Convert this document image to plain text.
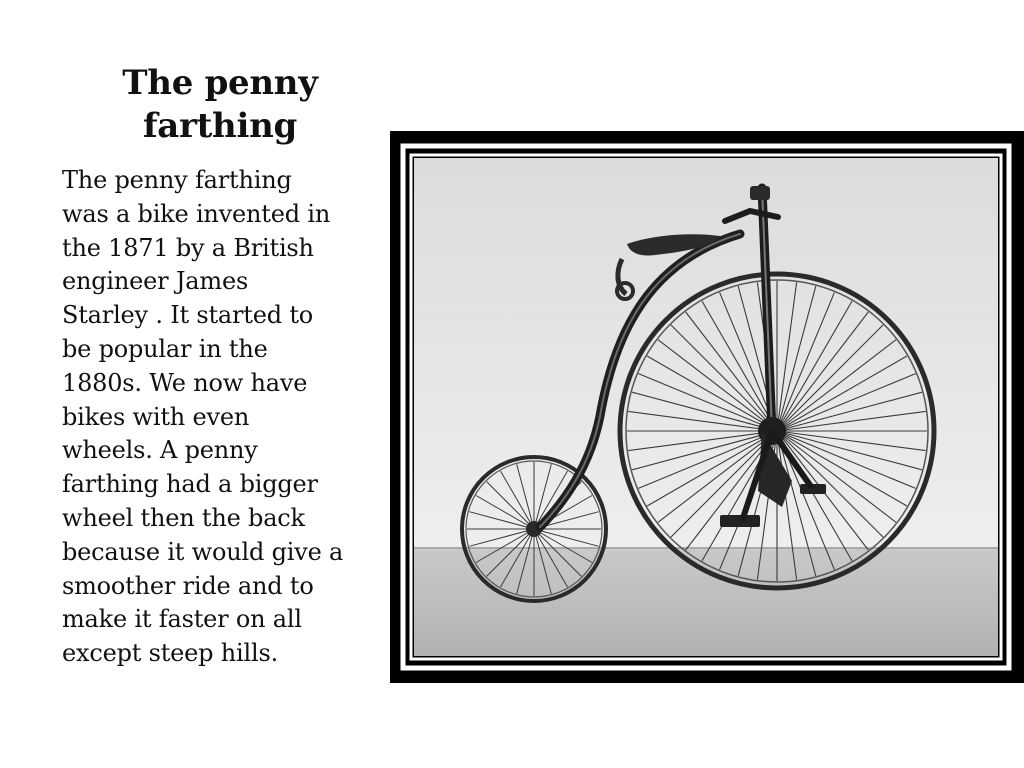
The penny
farthing
The penny farthing
was a bike invented in
the 1871 by a British
engineer James
Starley . It started to
be popular in the
1880s. We now have
bikes with even
wheels. A penny
farthing had a bigger
wheel then the back
because it would give a
smoother ride and to
make it faster on all
except steep hills.
